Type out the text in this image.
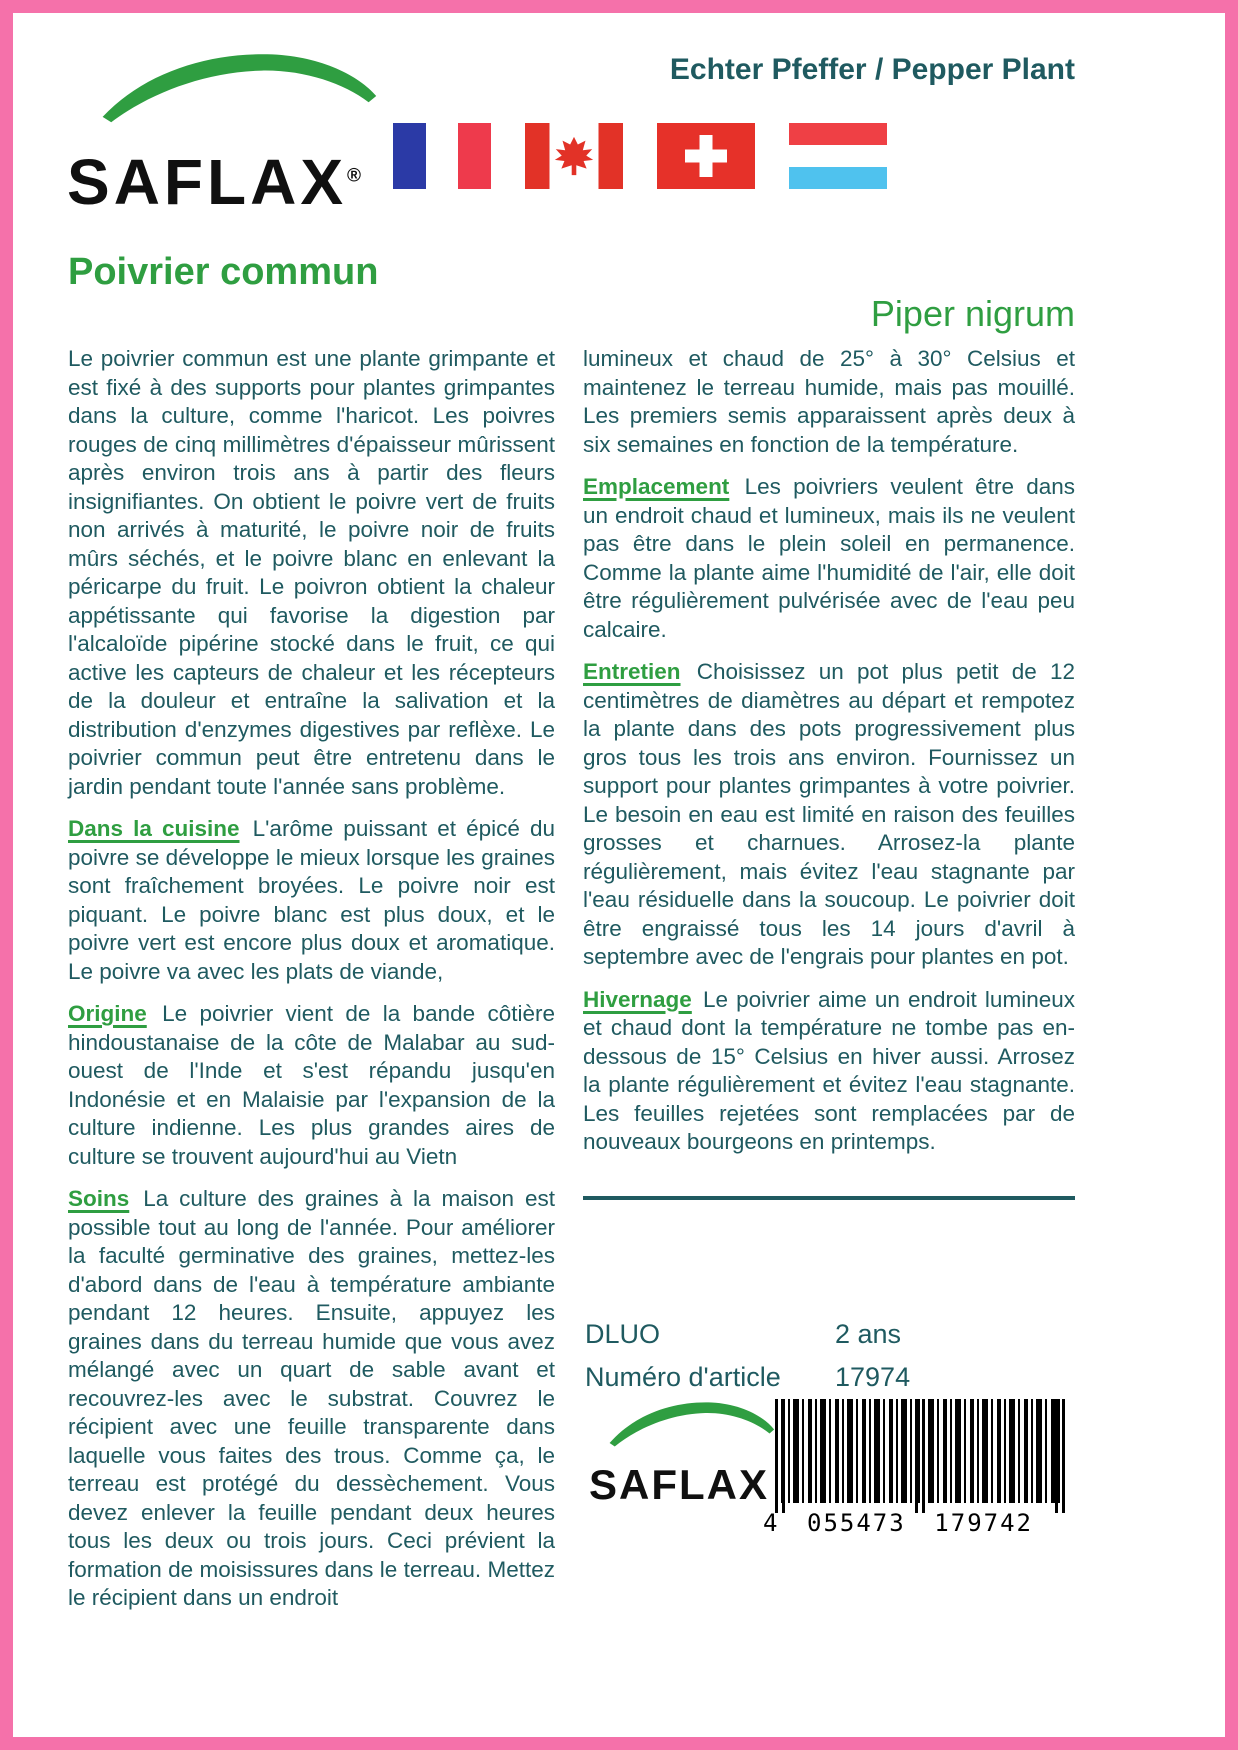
Echter Pfeffer / Pepper Plant
SAFLAX®
Poivrier commun
Piper nigrum

Le poivrier commun est une plante grimpante et est fixé à des supports pour plantes grimpantes dans la culture, comme l'haricot. Les poivres rouges de cinq millimètres d'épaisseur mûrissent après environ trois ans à partir des fleurs insignifiantes. On obtient le poivre vert de fruits non arrivés à maturité, le poivre noir de fruits mûrs séchés, et le poivre blanc en enlevant la péricarpe du fruit. Le poivron obtient la chaleur appétissante qui favorise la digestion par l'alcaloïde pipérine stocké dans le fruit, ce qui active les capteurs de chaleur et les récepteurs de la douleur et entraîne la salivation et la distribution d'enzymes digestives par reflèxe. Le poivrier commun peut être entretenu dans le jardin pendant toute l'année sans problème.

Dans la cuisine L'arôme puissant et épicé du poivre se développe le mieux lorsque les graines sont fraîchement broyées. Le poivre noir est piquant. Le poivre blanc est plus doux, et le poivre vert est encore plus doux et aromatique. Le poivre va avec les plats de viande,

Origine Le poivrier vient de la bande côtière hindoustanaise de la côte de Malabar au sud-ouest de l'Inde et s'est répandu jusqu'en Indonésie et en Malaisie par l'expansion de la culture indienne. Les plus grandes aires de culture se trouvent aujourd'hui au Vietn

Soins La culture des graines à la maison est possible tout au long de l'année. Pour améliorer la faculté germinative des graines, mettez-les d'abord dans de l'eau à température ambiante pendant 12 heures. Ensuite, appuyez les graines dans du terreau humide que vous avez mélangé avec un quart de sable avant et recouvrez-les avec le substrat. Couvrez le récipient avec une feuille transparente dans laquelle vous faites des trous. Comme ça, le terreau est protégé du dessèchement. Vous devez enlever la feuille pendant deux heures tous les deux ou trois jours. Ceci prévient la formation de moisissures dans le terreau. Mettez le récipient dans un endroit

lumineux et chaud de 25° à 30° Celsius et maintenez le terreau humide, mais pas mouillé. Les premiers semis apparaissent après deux à six semaines en fonction de la température.

Emplacement Les poivriers veulent être dans un endroit chaud et lumineux, mais ils ne veulent pas être dans le plein soleil en permanence. Comme la plante aime l'humidité de l'air, elle doit être régulièrement pulvérisée avec de l'eau peu calcaire.

Entretien Choisissez un pot plus petit de 12 centimètres de diamètres au départ et rempotez la plante dans des pots progressivement plus gros tous les trois ans environ. Fournissez un support pour plantes grimpantes à votre poivrier. Le besoin en eau est limité en raison des feuilles grosses et charnues. Arrosez-la plante régulièrement, mais évitez l'eau stagnante par l'eau résiduelle dans la soucoup. Le poivrier doit être engraissé tous les 14 jours d'avril à septembre avec de l'engrais pour plantes en pot.

Hivernage Le poivrier aime un endroit lumineux et chaud dont la température ne tombe pas en-dessous de 15° Celsius en hiver aussi. Arrosez la plante régulièrement et évitez l'eau stagnante. Les feuilles rejetées sont remplacées par de nouveaux bourgeons en printemps.

DLUO	2 ans
Numéro d'article	17974
SAFLAX
4 055473 179742
